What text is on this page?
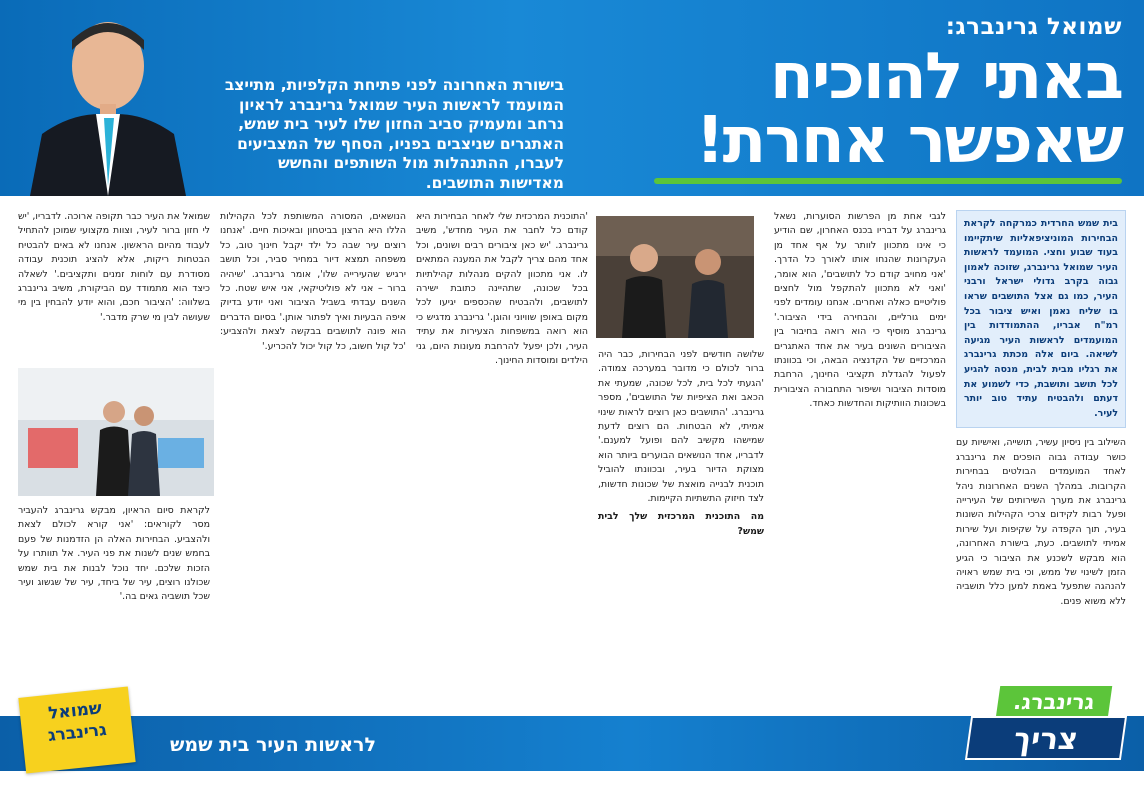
בישורת האחרונה לפני פתיחת הקלפיות, מתייצב המועמד לראשות העיר שמואל גרינברג לראיון נרחב ומעמיק סביב החזון שלו לעיר בית שמש, האתגרים שניצבים בפניו, הסחף של המצביעים לעברו, ההתנהלות מול השותפים והחשש מאדישות התושבים.
שמואל גרינברג:
באתי להוכיח
שאפשר אחרת!
בית שמש החרדית כמרקחה לקראת הבחירות המוניציפאליות שיתקיימו בעוד שבוע וחצי. המועמד לראשות העיר שמואל גרינברג, שזוכה לאמון גבוה בקרב גדולי ישראל ורבני העיר, כמו גם אצל התושבים שראו בו שליח נאמן ואיש ציבור בכל רמ"ח אבריו, ההתמודדות בין המועמדים לראשות העיר מגיעה לשיאה. ביום אלה מכתת גרינברג את רגליו מבית לבית, מנסה להגיע לכל תושב ותושבת, כדי לשמוע את דעתם ולהבטיח עתיד טוב יותר לעיר.

השילוב בין ניסיון עשיר, תושייה, ואישיות עם כושר עבודה גבוה הופכים את גרינברג לאחד המועמדים הבולטים בבחירות הקרובות. במהלך השנים האחרונות ניהל גרינברג את מערך השירותים של העירייה ופעל רבות לקידום צרכי הקהילות השונות בעיר, תוך הקפדה על שקיפות ועל שירות אמיתי לתושבים. כעת, בישורת האחרונה, הוא מבקש לשכנע את הציבור כי הגיע הזמן לשינוי של ממש, וכי בית שמש ראויה להנהגה שתפעל באמת למען כלל תושביה ללא משוא פנים.

לגבי אחת מן הפרשות הסוערות, נשאל גרינברג על דבריו בכנס האחרון, שם הודיע כי אינו מתכוון לוותר על אף אחד מן העקרונות שהנחו אותו לאורך כל הדרך. 'אני מחויב קודם כל לתושבים', הוא אומר, 'ואני לא מתכוון להתקפל מול לחצים פוליטיים כאלה ואחרים. אנחנו עומדים לפני ימים גורליים, והבחירה בידי הציבור.' גרינברג מוסיף כי הוא רואה בחיבור בין הציבורים השונים בעיר את אחד האתגרים המרכזיים של הקדנציה הבאה, וכי בכוונתו לפעול להגדלת תקציבי החינוך, הרחבת מוסדות הציבור ושיפור התחבורה הציבורית בשכונות הוותיקות והחדשות כאחד.

שלושה חודשים לפני הבחירות, כבר היה ברור לכולם כי מדובר במערכה צמודה. 'הגעתי לכל בית, לכל שכונה, שמעתי את הכאב ואת הציפיות של התושבים', מספר גרינברג. 'התושבים כאן רוצים לראות שינוי אמיתי, לא הבטחות. הם רוצים לדעת שמישהו מקשיב להם ופועל למענם.' לדבריו, אחד הנושאים הבוערים ביותר הוא מצוקת הדיור בעיר, ובכוונתו להוביל תוכנית לבנייה מואצת של שכונות חדשות, לצד חיזוק התשתיות הקיימות.

מה התוכנית המרכזית שלך לבית שמש?

'התוכנית המרכזית שלי לאחר הבחירות היא קודם כל לחבר את העיר מחדש', משיב גרינברג. 'יש כאן ציבורים רבים ושונים, וכל אחד מהם צריך לקבל את המענה המתאים לו. אני מתכוון להקים מנהלות קהילתיות בכל שכונה, שתהיינה כתובת ישירה לתושבים, ולהבטיח שהכספים יגיעו לכל מקום באופן שוויוני והוגן.' גרינברג מדגיש כי הוא רואה במשפחות הצעירות את עתיד העיר, ולכן יפעל להרחבת מעונות היום, גני הילדים ומוסדות החינוך.

הנושאים, המסורה המשותפת לכל הקהילות הללו היא הרצון בביטחון ובאיכות חיים. 'אנחנו רוצים עיר שבה כל ילד יקבל חינוך טוב, כל משפחה תמצא דיור במחיר סביר, וכל תושב ירגיש שהעירייה שלו', אומר גרינברג. 'שיהיה ברור – אני לא פוליטיקאי, אני איש שטח. כל השנים עבדתי בשביל הציבור ואני יודע בדיוק איפה הבעיות ואיך לפתור אותן.' בסיום הדברים הוא פונה לתושבים בבקשה לצאת ולהצביע: 'כל קול חשוב, כל קול יכול להכריע.'

שמואל את העיר כבר תקופה ארוכה. לדבריו, 'יש לי חזון ברור לעיר, וצוות מקצועי שמוכן להתחיל לעבוד מהיום הראשון. אנחנו לא באים להבטיח הבטחות ריקות, אלא להציג תוכנית עבודה מסודרת עם לוחות זמנים ותקציבים.' לשאלה כיצד הוא מתמודד עם הביקורת, משיב גרינברג בשלווה: 'הציבור חכם, והוא יודע להבחין בין מי שעושה לבין מי שרק מדבר.'

לקראת סיום הראיון, מבקש גרינברג להעביר מסר לקוראים: 'אני קורא לכולם לצאת ולהצביע. הבחירות האלה הן הזדמנות של פעם בחמש שנים לשנות את פני העיר. אל תוותרו על הזכות שלכם. יחד נוכל לבנות את בית שמש שכולנו רוצים, עיר של ביחד, עיר של שגשוג ועיר שכל תושביה גאים בה.'

לראשות העיר בית שמש
שמואל גרינברג
גרינברג.
צריך אחרת!
